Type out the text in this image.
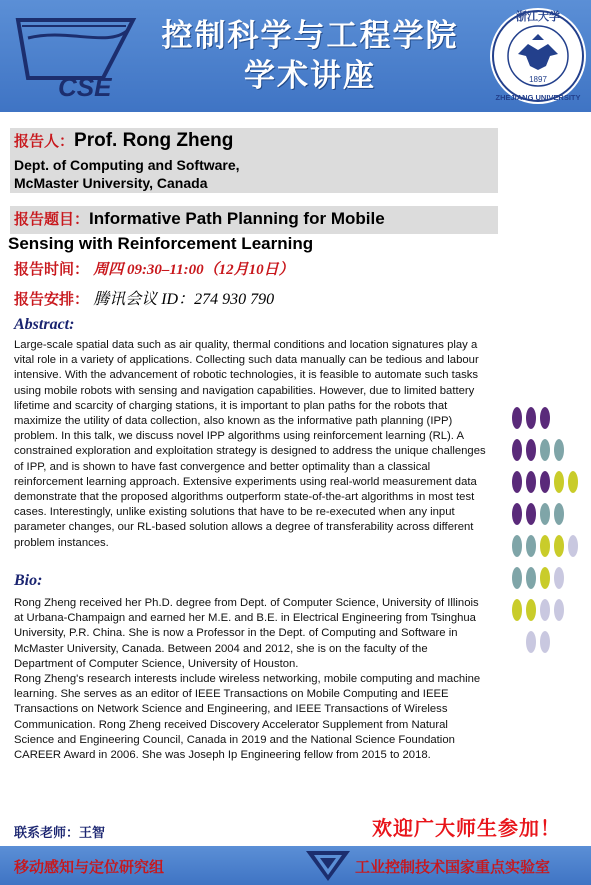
CSE
控制科学与工程学院
学术讲座
浙江大学
1897
ZHEJIANG UNIVERSITY
报告人：Prof. Rong Zheng
Dept. of Computing and Software,
McMaster University, Canada
报告题目：Informative Path Planning for Mobile
Sensing with Reinforcement Learning
报告时间： 周四 09:30–11:00（12月10日）
报告安排： 腾讯会议 ID：274 930 790
Abstract:
Large-scale spatial data such as air quality, thermal conditions and location signatures play a vital role in a variety of applications. Collecting such data manually can be tedious and labour intensive. With the advancement of robotic technologies, it is feasible to automate such tasks using mobile robots with sensing and navigation capabilities. However, due to limited battery lifetime and scarcity of charging stations, it is important to plan paths for the robots that maximize the utility of data collection, also known as the informative path planning (IPP) problem. In this talk, we discuss novel IPP algorithms using reinforcement learning (RL). A constrained exploration and exploitation strategy is designed to address the unique challenges of IPP, and is shown to have fast convergence and better optimality than a classical reinforcement learning approach. Extensive experiments using real-world measurement data demonstrate that the proposed algorithms outperform state-of-the-art algorithms in most test cases. Interestingly, unlike existing solutions that have to be re-executed when any input parameter changes, our RL-based solution allows a degree of transferability across different problem instances.
Bio:

Rong Zheng received her Ph.D. degree from Dept. of Computer Science, University of Illinois at Urbana-Champaign and earned her M.E. and B.E. in Electrical Engineering from Tsinghua University, P.R. China. She is now a Professor in the Dept. of Computing and Software in McMaster University, Canada. Between 2004 and 2012, she is on the faculty of the Department of Computer Science, University of Houston.

Rong Zheng's research interests include wireless networking, mobile computing and machine learning. She serves as an editor of IEEE Transactions on Mobile Computing and IEEE Transactions on Network Science and Engineering, and IEEE Transactions of Wireless Communication. Rong Zheng received Discovery Accelerator Supplement from Natural Science and Engineering Council, Canada in 2019 and the National Science Foundation CAREER Award in 2006. She was Joseph Ip Engineering fellow from 2015 to 2018.

联系老师：王智	欢迎广大师生参加！
移动感知与定位研究组	工业控制技术国家重点实验室
